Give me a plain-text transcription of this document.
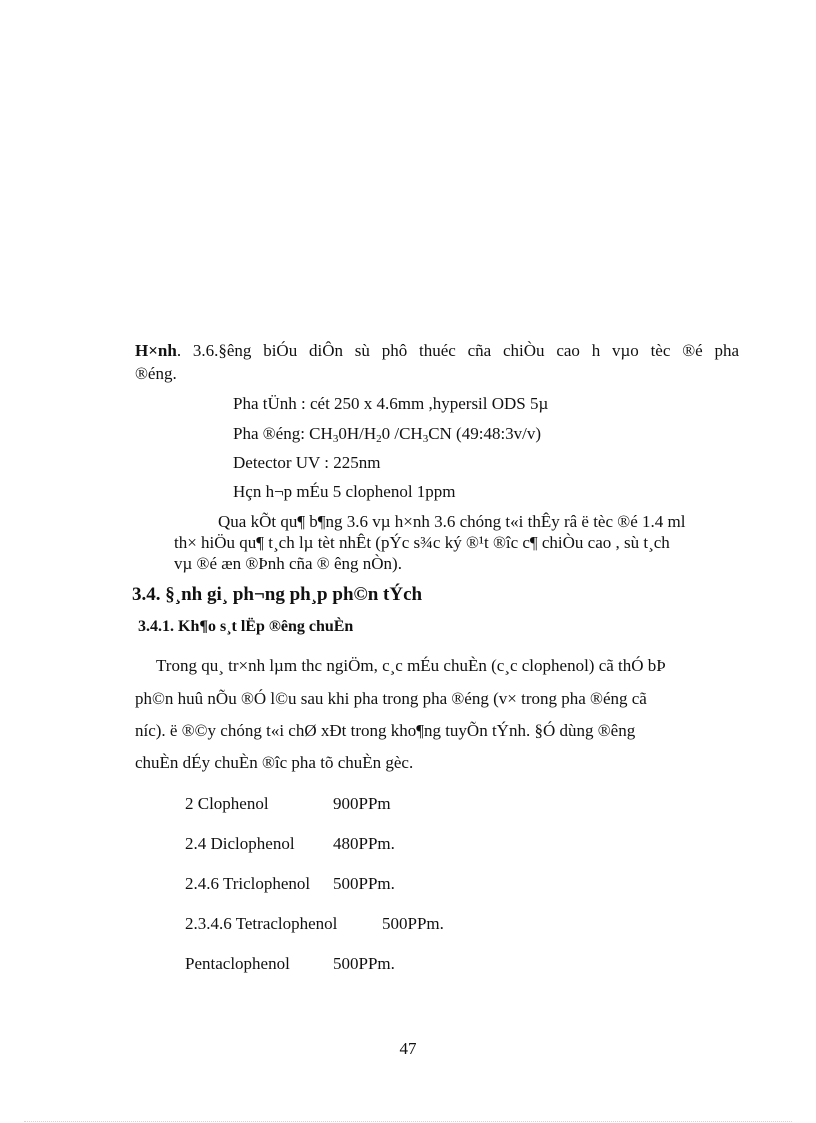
H×nh. 3.6.§êng biÓu diÔn sù phô thuéc cña chiÒu cao h vµo tèc ®é pha
®éng.
Pha tÜnh : cét 250 x 4.6mm ,hypersil ODS 5µ
Pha ®éng: $CH_30H/H_20$ $/CH_3CN$ (49:48:3v/v)
Detector UV : 225nm
Hçn h¬p mÉu 5 clophenol 1ppm
Qua kÕt qu¶ b¶ng 3.6 vµ h×nh 3.6 chóng t«i thÊy râ ë tèc ®é 1.4 ml
th× hiÖu qu¶ t¸ch lµ tèt nhÊt (pÝc s¾c ký ®¹t ®îc c¶ chiÒu cao , sù t¸ch
vµ ®é æn ®Þnh cña ® êng nÒn).
3.4. §¸nh gi¸ ph¬ng ph¸p ph©n tÝch
3.4.1. Kh¶o s¸t lËp ®êng chuÈn
Trong qu¸ tr×nh lµm thc ngiÖm, c¸c mÉu chuÈn (c¸c clophenol) cã thÓ bÞ
ph©n huû nÕu ®Ó l©u sau khi pha trong pha ®éng (v× trong pha ®éng cã
níc). ë ®©y chóng t«i chØ xÐt trong kho¶ng tuyÕn tÝnh. §Ó dùng ®êng
chuÈn dÉy chuÈn ®îc pha tõ chuÈn gèc.
2 Clophenol	900PPm
2.4 Diclophenol 480PPm.
2.4.6 Triclophenol 500PPm.
2.3.4.6 Tetraclophenol	500PPm.
Pentaclophenol	500PPm.
47
